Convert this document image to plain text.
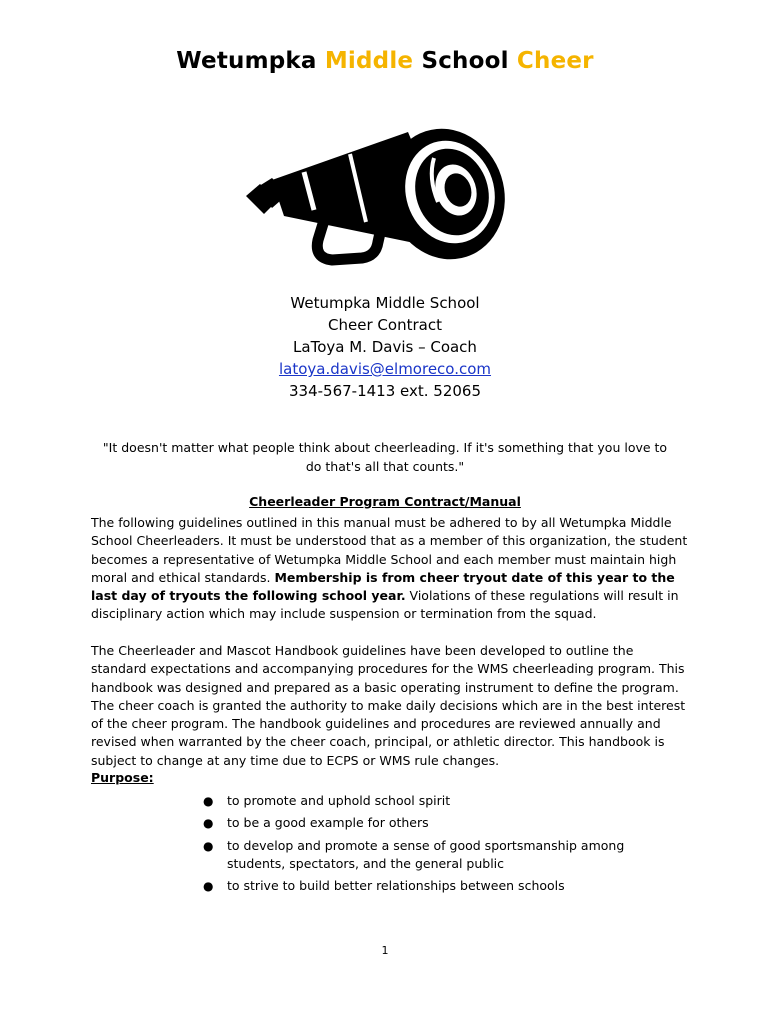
Wetumpka Middle School Cheer
Wetumpka Middle School
Cheer Contract
LaToya M. Davis – Coach
latoya.davis@elmoreco.com
334-567-1413 ext. 52065
"It doesn't matter what people think about cheerleading. If it's something that you love to do that's all that counts."
Cheerleader Program Contract/Manual
The following guidelines outlined in this manual must be adhered to by all Wetumpka Middle School Cheerleaders. It must be understood that as a member of this organization, the student becomes a representative of Wetumpka Middle School and each member must maintain high moral and ethical standards. Membership is from cheer tryout date of this year to the last day of tryouts the following school year. Violations of these regulations will result in disciplinary action which may include suspension or termination from the squad.
The Cheerleader and Mascot Handbook guidelines have been developed to outline the standard expectations and accompanying procedures for the WMS cheerleading program. This handbook was designed and prepared as a basic operating instrument to define the program. The cheer coach is granted the authority to make daily decisions which are in the best interest of the cheer program. The handbook guidelines and procedures are reviewed annually and revised when warranted by the cheer coach, principal, or athletic director. This handbook is subject to change at any time due to ECPS or WMS rule changes.
Purpose:
● to promote and uphold school spirit
● to be a good example for others
● to develop and promote a sense of good sportsmanship among students, spectators, and the general public
● to strive to build better relationships between schools
1
